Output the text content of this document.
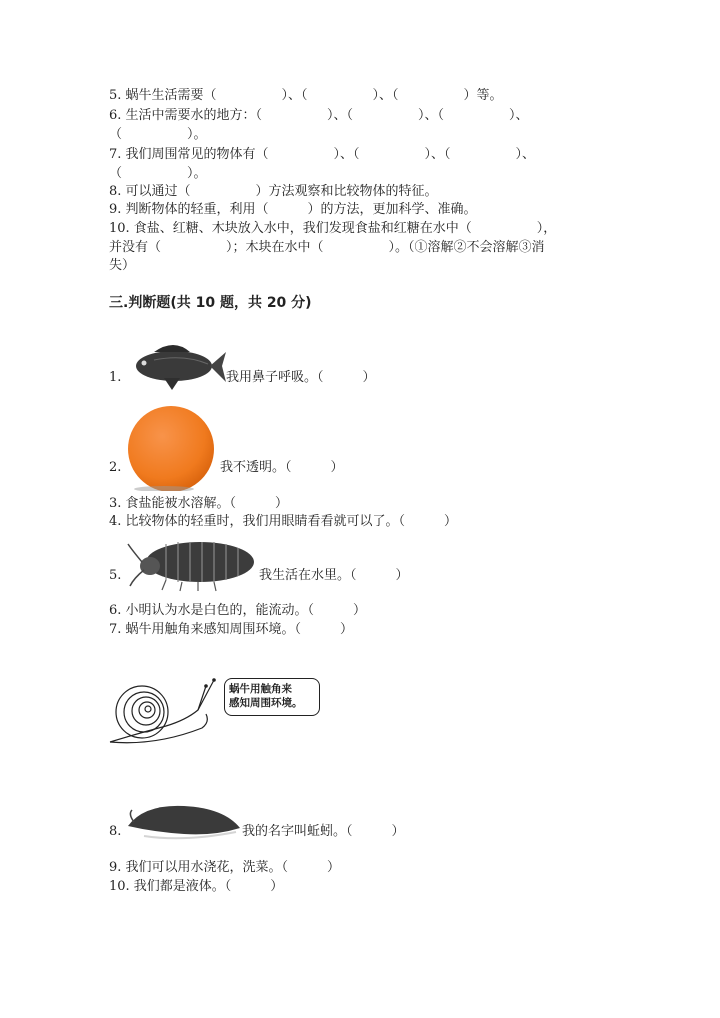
5. 蜗牛生活需要（　　　　　）、（　　　　　）、（　　　　　）等。
6. 生活中需要水的地方：（　　　　　）、（　　　　　）、（　　　　　）、
（　　　　　）。
7. 我们周围常见的物体有（　　　　　）、（　　　　　）、（　　　　　）、
（　　　　　）。
8. 可以通过（　　　　　）方法观察和比较物体的特征。
9. 判断物体的轻重，利用（　　　）的方法，更加科学、准确。
10. 食盐、红糖、木块放入水中，我们发现食盐和红糖在水中（　　　　　），
并没有（　　　　　）；木块在水中（　　　　　）。（①溶解②不会溶解③消
失）
三.判断题(共 10 题，共 20 分)
1.	我用鼻子呼吸。（　　　）
2.	我不透明。（　　　）
3. 食盐能被水溶解。（　　　）
4. 比较物体的轻重时，我们用眼睛看看就可以了。（　　　）
5.	我生活在水里。（　　　）
6. 小明认为水是白色的，能流动。（　　　）
7. 蜗牛用触角来感知周围环境。（　　　）
蜗牛用触角来
感知周围环境。
8.	我的名字叫蚯蚓。（　　　）
9. 我们可以用水浇花，洗菜。（　　　）
10. 我们都是液体。（　　　）
